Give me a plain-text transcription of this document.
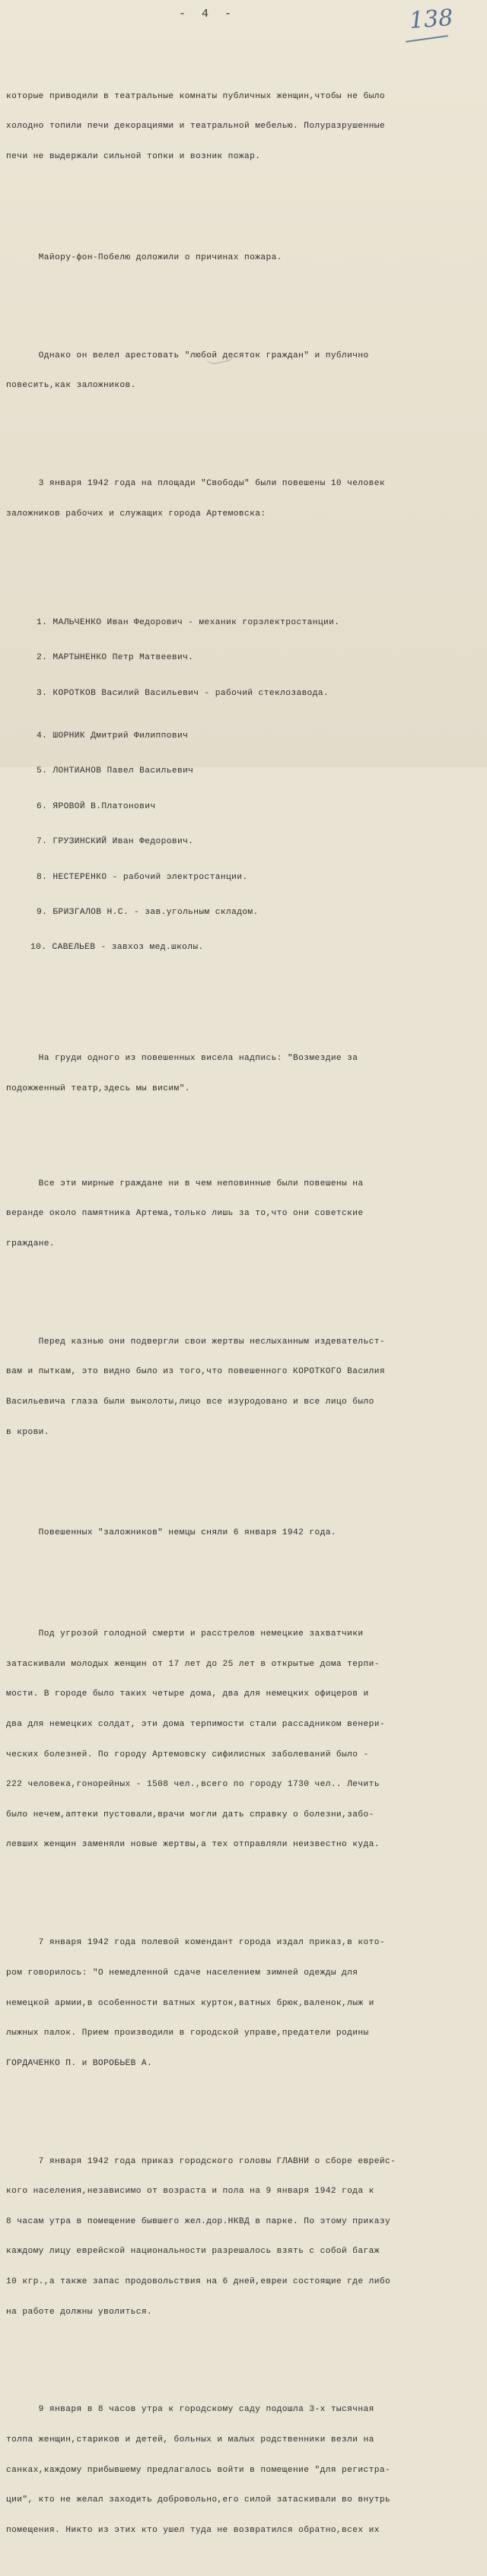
- 4 -	138

которые приводили в театральные комнаты публичных женщин,чтобы не было

холодно топили печи декорациями и театральной мебелью. Полуразрушенные

печи не выдержали сильной топки и возник пожар.

Майору-фон-Побелю доложили о причинах пожара.

Однако он велел арестовать "любой десяток граждан" и публично

повесить,как заложников.

3 января 1942 года на площади "Свободы" были повешены 10 человек

заложников рабочих и служащих города Артемовска:

1. МАЛЬЧЕНКО Иван Федорович - механик горэлектростанции.

2. МАРТЫНЕНКО Петр Матвеевич.

3. КОРОТКОВ Василий Васильевич - рабочий стеклозавода.

4. ШОРНИК Дмитрий Филиппович

5. ЛОНТИАНОВ Павел Васильевич

6. ЯРОВОЙ В.Платонович

7. ГРУЗИНСКИЙ Иван Федорович.

8. НЕСТЕРЕНКО - рабочий электростанции.

9. БРИЗГАЛОВ Н.С. - зав.угольным складом.

10. САВЕЛЬЕВ - завхоз мед.школы.

На груди одного из повешенных висела надпись: "Возмездие за

подожженный театр,здесь мы висим".

Все эти мирные граждане ни в чем неповинные были повешены на

веранде около памятника Артема,только лишь за то,что они советские

граждане.

Перед казнью они подвергли свои жертвы неслыханным издевательст-

вам и пыткам, это видно было из того,что повешенного КОРОТКОГО Василия

Васильевича глаза были выколоты,лицо все изуродовано и все лицо было

в крови.

Повешенных "заложников" немцы сняли 6 января 1942 года.

Под угрозой голодной смерти и расстрелов немецкие захватчики

затаскивали молодых женщин от 17 лет до 25 лет в открытые дома терпи-

мости. В городе было таких четыре дома, два для немецких офицеров и

два для немецких солдат, эти дома терпимости стали рассадником венери-

ческих болезней. По городу Артемовску сифилисных заболеваний было -

222 человека,гонорейных - 1508 чел.,всего по городу 1730 чел.. Лечить

было нечем,аптеки пустовали,врачи могли дать справку о болезни,забо-

левших женщин заменяли новые жертвы,а тех отправляли неизвестно куда.

7 января 1942 года полевой комендант города издал приказ,в кото-

ром говорилось: "О немедленной сдаче населением зимней одежды для

немецкой армии,в особенности ватных курток,ватных брюк,валенок,лыж и

лыжных палок. Прием производили в городской управе,предатели родины

ГОРДАЧЕНКО П. и ВОРОБЬЕВ А.

7 января 1942 года приказ городского головы ГЛАВНИ о сборе еврейс-

кого населения,независимо от возраста и пола на 9 января 1942 года к

8 часам утра в помещение бывшего жел.дор.НКВД в парке. По этому приказу

каждому лицу еврейской национальности разрешалось взять с собой багаж

10 кгр.,а также запас продовольствия на 6 дней,евреи состоящие где либо

на работе должны уволиться.

9 января в 8 часов утра к городскому саду подошла 3-х тысячная

толпа женщин,стариков и детей, больных и малых родственники везли на

санках,каждому прибывшему предлагалось войти в помещение "для регистра-

ции", кто не желал заходить добровольно,его силой затаскивали во внутрь

помещения. Никто из этих кто ушел туда не возвратился обратно,всех их
